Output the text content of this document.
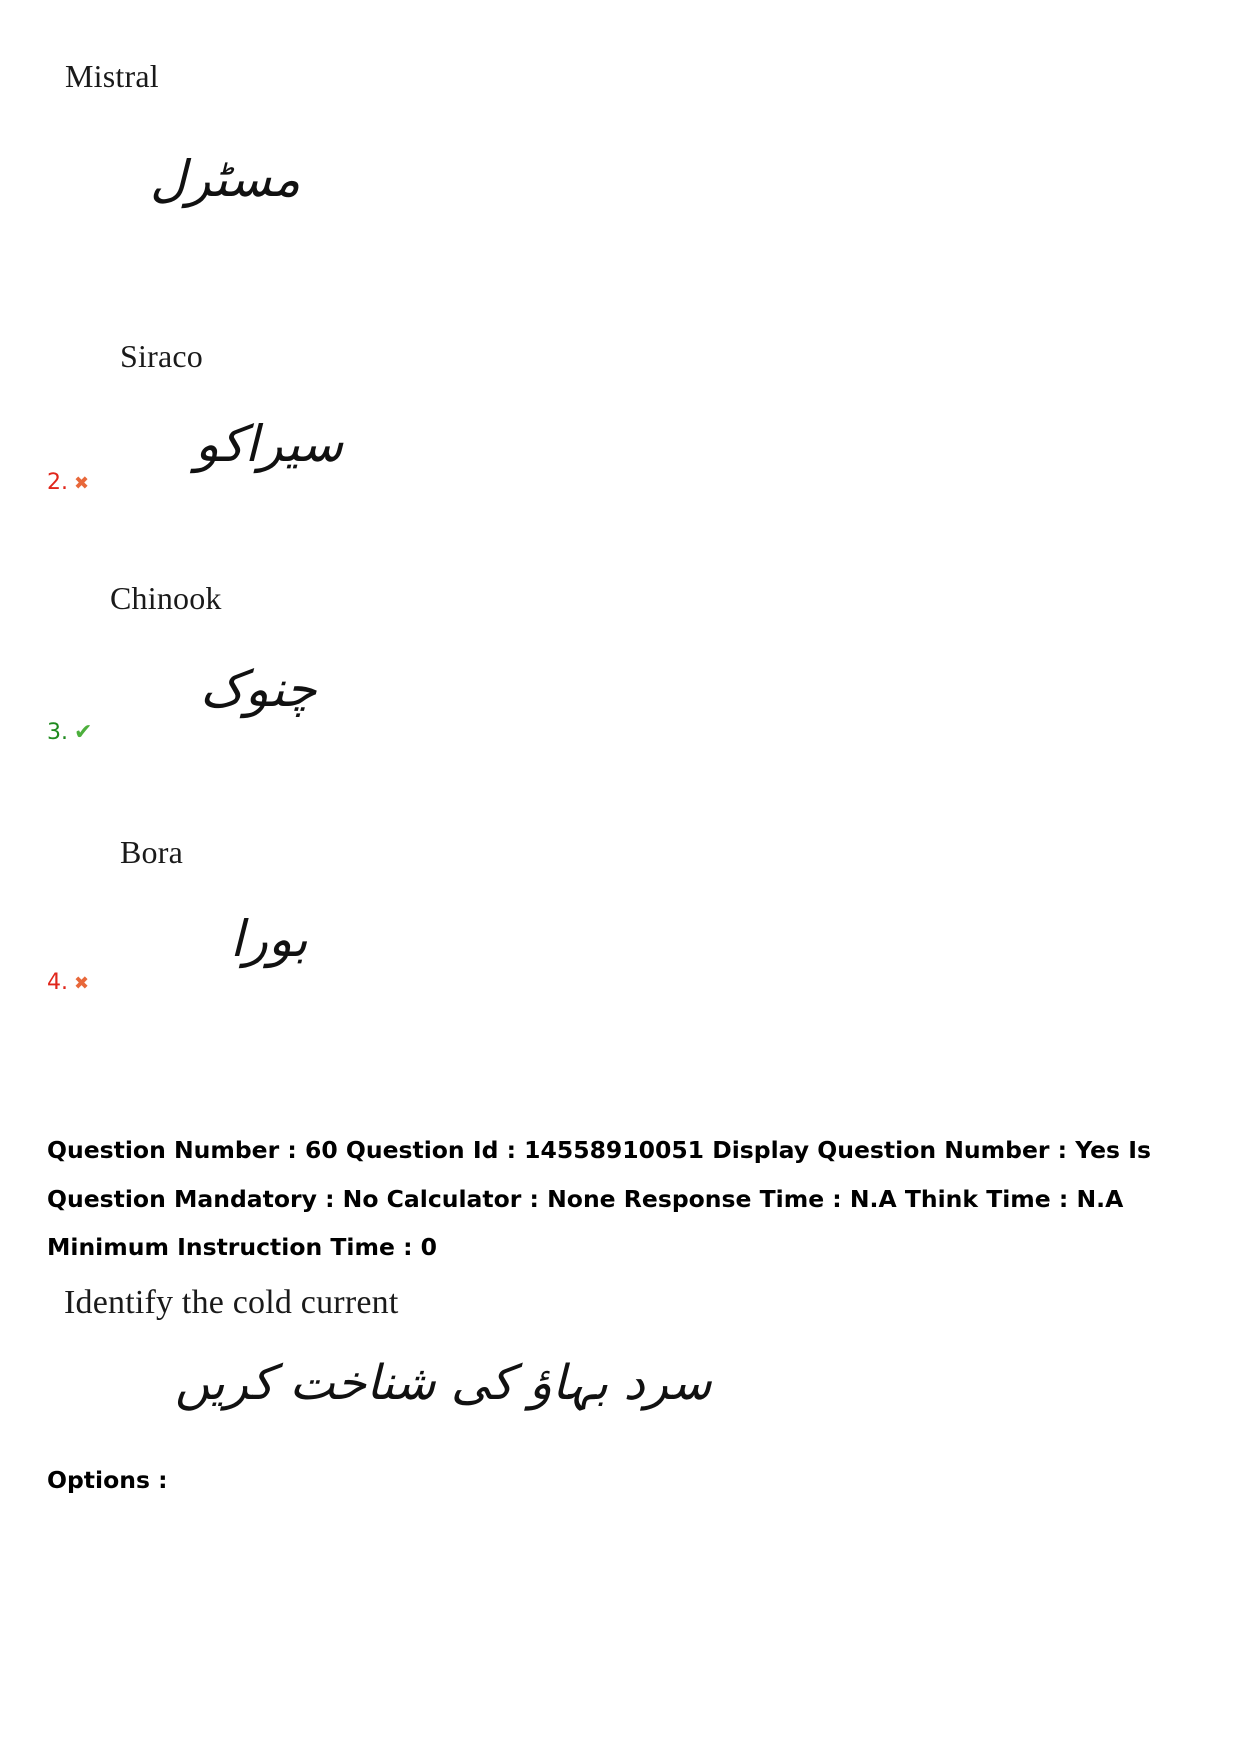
Mistral
مسٹرل
Siraco
سیراکو
2. ✖
Chinook
چنوک
3. ✔
Bora
بورا
4. ✖
Question Number : 60 Question Id : 14558910051 Display Question Number : Yes Is Question Mandatory : No Calculator : None Response Time : N.A Think Time : N.A Minimum Instruction Time : 0
Identify the cold current
سرد بہاؤ کی شناخت کریں
Options :
